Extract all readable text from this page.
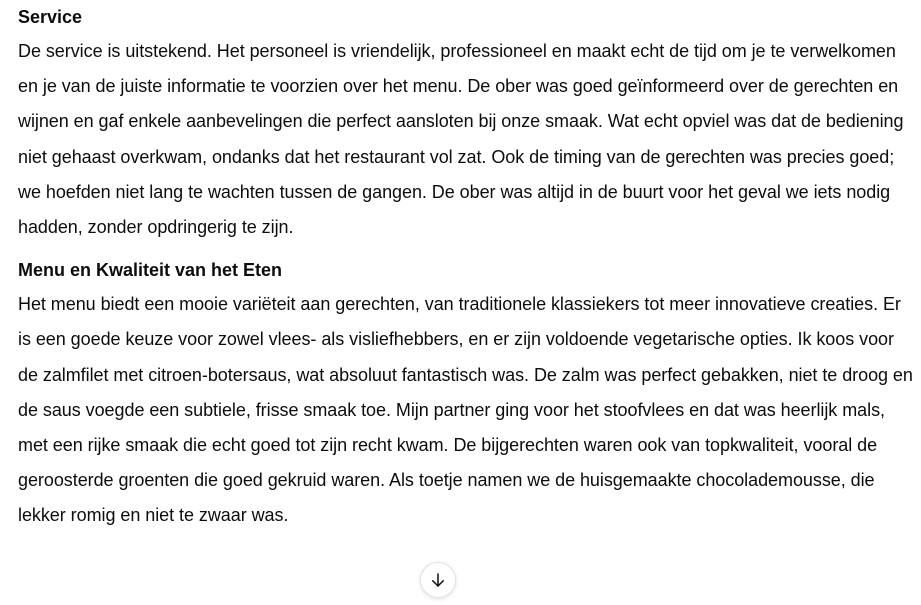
Service

De service is uitstekend. Het personeel is vriendelijk, professioneel en maakt echt de tijd om je te verwelkomen en je van de juiste informatie te voorzien over het menu. De ober was goed geïnformeerd over de gerechten en wijnen en gaf enkele aanbevelingen die perfect aansloten bij onze smaak. Wat echt opviel was dat de bediening niet gehaast overkwam, ondanks dat het restaurant vol zat. Ook de timing van de gerechten was precies goed; we hoefden niet lang te wachten tussen de gangen. De ober was altijd in de buurt voor het geval we iets nodig hadden, zonder opdringerig te zijn.

Menu en Kwaliteit van het Eten

Het menu biedt een mooie variëteit aan gerechten, van traditionele klassiekers tot meer innovatieve creaties. Er is een goede keuze voor zowel vlees- als visliefhebbers, en er zijn voldoende vegetarische opties. Ik koos voor de zalmfilet met citroen-botersaus, wat absoluut fantastisch was. De zalm was perfect gebakken, niet te droog en de saus voegde een subtiele, frisse smaak toe. Mijn partner ging voor het stoofvlees en dat was heerlijk mals, met een rijke smaak die echt goed tot zijn recht kwam. De bijgerechten waren ook van topkwaliteit, vooral de geroosterde groenten die goed gekruid waren. Als toetje namen we de huisgemaakte chocolademousse, die lekker romig en niet te zwaar was.
